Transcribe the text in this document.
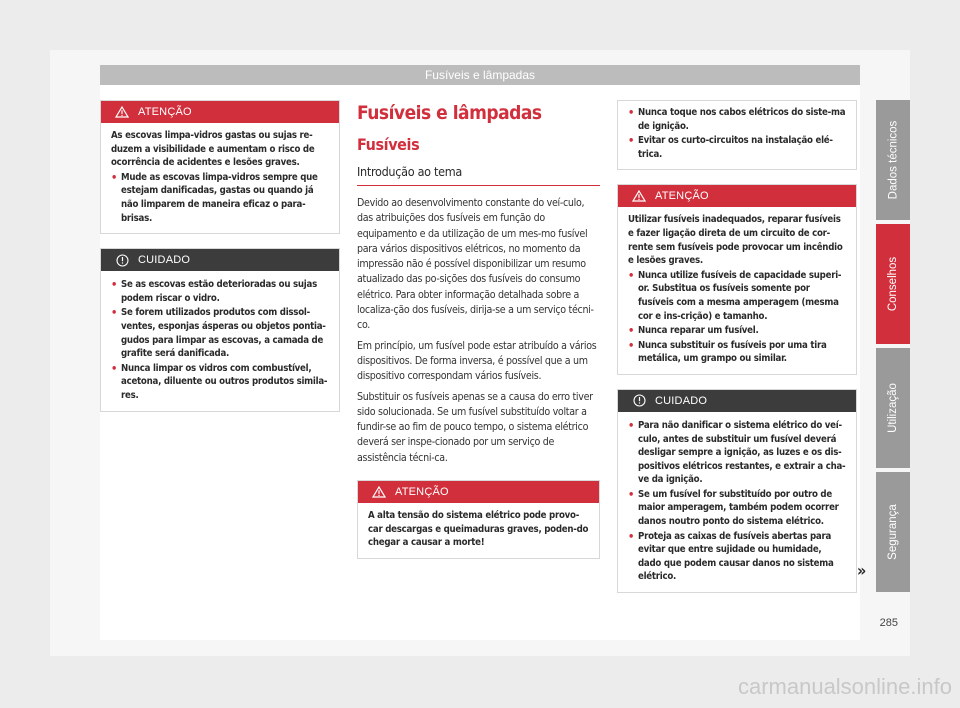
Fusíveis e lâmpadas
ATENÇÃO

As escovas limpa-vidros gastas ou sujas re-duzem a visibilidade e aumentam o risco de ocorrência de acidentes e lesões graves.

• Mude as escovas limpa-vidros sempre que estejam danificadas, gastas ou quando já não limparem de maneira eficaz o para-brisas.
CUIDADO
• Se as escovas estão deterioradas ou sujas podem riscar o vidro.
• Se forem utilizados produtos com dissol-ventes, esponjas ásperas ou objetos pontia-gudos para limpar as escovas, a camada de grafite será danificada.
• Nunca limpar os vidros com combustível, acetona, diluente ou outros produtos simila-res.
Fusíveis e lâmpadas
Fusíveis
Introdução ao tema

Devido ao desenvolvimento constante do veí-culo, das atribuições dos fusíveis em função do equipamento e da utilização de um mes-mo fusível para vários dispositivos elétricos, no momento da impressão não é possível disponibilizar um resumo atualizado das po-sições dos fusíveis do consumo elétrico. Para obter informação detalhada sobre a localiza-ção dos fusíveis, dirija-se a um serviço técni-co.

Em princípio, um fusível pode estar atribuído a vários dispositivos. De forma inversa, é possível que a um dispositivo correspondam vários fusíveis.

Substituir os fusíveis apenas se a causa do erro tiver sido solucionada. Se um fusível substituído voltar a fundir-se ao fim de pouco tempo, o sistema elétrico deverá ser inspe-cionado por um serviço de assistência técni-ca.

ATENÇÃO

A alta tensão do sistema elétrico pode provo-car descargas e queimaduras graves, poden-do chegar a causar a morte!

• Nunca toque nos cabos elétricos do siste-ma de ignição.
• Evitar os curto-circuitos na instalação elé-trica.
ATENÇÃO

Utilizar fusíveis inadequados, reparar fusíveis e fazer ligação direta de um circuito de cor-rente sem fusíveis pode provocar um incêndio e lesões graves.

• Nunca utilize fusíveis de capacidade superi-or. Substitua os fusíveis somente por fusíveis com a mesma amperagem (mesma cor e ins-crição) e tamanho.
• Nunca reparar um fusível.
• Nunca substituir os fusíveis por uma tira metálica, um grampo ou similar.
CUIDADO
• Para não danificar o sistema elétrico do veí-culo, antes de substituir um fusível deverá desligar sempre a ignição, as luzes e os dis-positivos elétricos restantes, e extrair a cha-ve da ignição.
• Se um fusível for substituído por outro de maior amperagem, também podem ocorrer danos noutro ponto do sistema elétrico.
• Proteja as caixas de fusíveis abertas para evitar que entre sujidade ou humidade, dado que podem causar danos no sistema elétrico.	»
Dados técnicos
Conselhos
Utilização
Segurança
285
carmanualsonline.info
